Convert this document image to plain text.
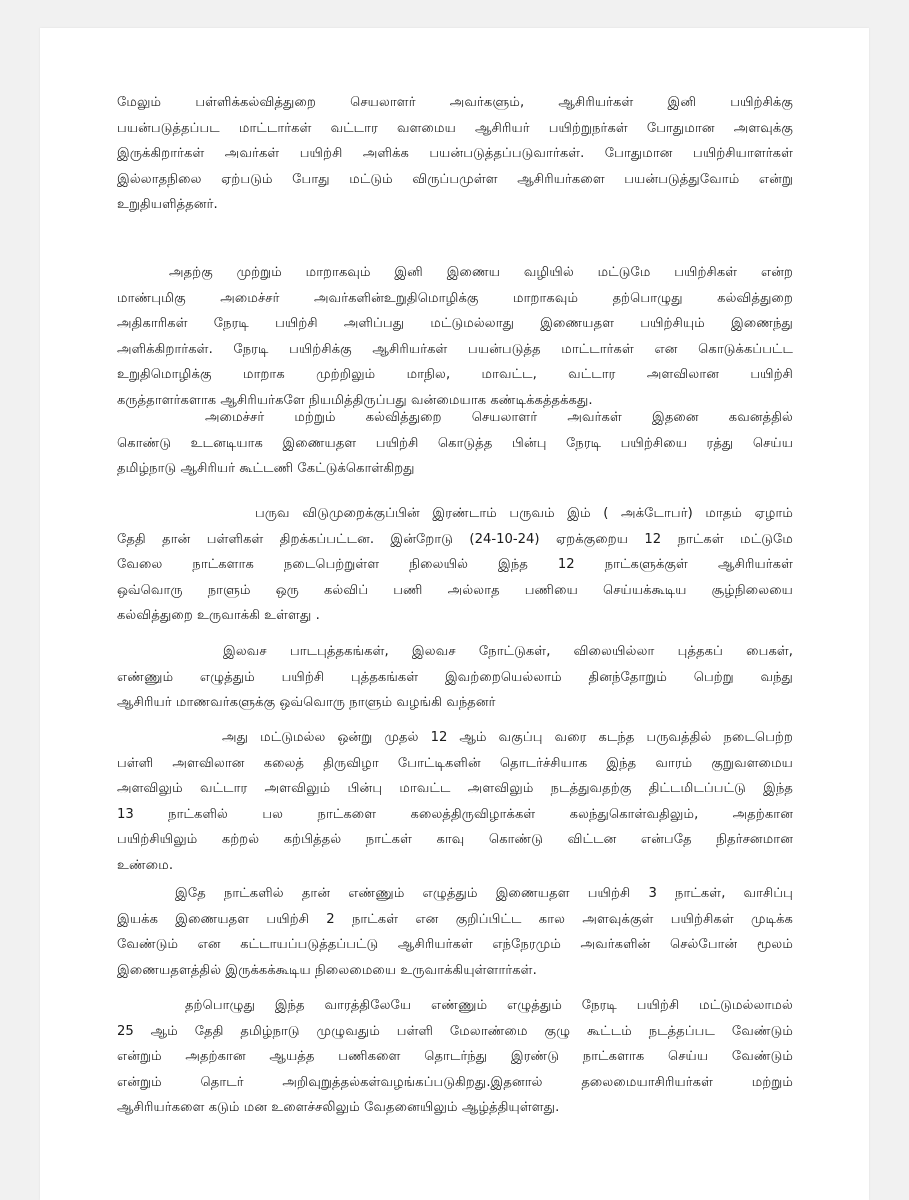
மேலும் பள்ளிக்கல்வித்துறை செயலாளர் அவர்களும், ஆசிரியர்கள் இனி பயிற்சிக்கு

பயன்படுத்தப்பட மாட்டார்கள் வட்டார வளமைய ஆசிரியர் பயிற்றுநர்கள் போதுமான அளவுக்கு

இருக்கிறார்கள் அவர்கள் பயிற்சி அளிக்க பயன்படுத்தப்படுவார்கள். போதுமான பயிற்சியாளர்கள்

இல்லாதநிலை ஏற்படும் போது மட்டும் விருப்பமுள்ள ஆசிரியர்களை பயன்படுத்துவோம் என்று

உறுதியளித்தனர்.

அதற்கு முற்றும் மாறாகவும் இனி இணைய வழியில் மட்டுமே பயிற்சிகள் என்ற

மாண்புமிகு அமைச்சர் அவர்களின்உறுதிமொழிக்கு மாறாகவும் தற்பொழுது கல்வித்துறை

அதிகாரிகள் நேரடி பயிற்சி அளிப்பது மட்டுமல்லாது இணையதள பயிற்சியும் இணைந்து

அளிக்கிறார்கள். நேரடி பயிற்சிக்கு ஆசிரியர்கள் பயன்படுத்த மாட்டார்கள் என கொடுக்கப்பட்ட

உறுதிமொழிக்கு மாறாக முற்றிலும் மாநில, மாவட்ட, வட்டார அளவிலான பயிற்சி

கருத்தாளர்களாக ஆசிரியர்களே நியமித்திருப்பது வன்மையாக கண்டிக்கத்தக்கது.

அமைச்சர் மற்றும் கல்வித்துறை செயலாளர் அவர்கள் இதனை கவனத்தில்

கொண்டு உடனடியாக இணையதள பயிற்சி கொடுத்த பின்பு நேரடி பயிற்சியை ரத்து செய்ய

தமிழ்நாடு ஆசிரியர் கூட்டணி கேட்டுக்கொள்கிறது

பருவ விடுமுறைக்குப்பின் இரண்டாம் பருவம் இம் ( அக்டோபர்) மாதம் ஏழாம்

தேதி தான் பள்ளிகள் திறக்கப்பட்டன. இன்றோடு (24-10-24) ஏறக்குறைய 12 நாட்கள் மட்டுமே

வேலை நாட்களாக நடைபெற்றுள்ள நிலையில் இந்த 12 நாட்களுக்குள் ஆசிரியர்கள்

ஒவ்வொரு நாளும் ஒரு கல்விப் பணி அல்லாத பணியை செய்யக்கூடிய சூழ்நிலையை

கல்வித்துறை உருவாக்கி உள்ளது .

இலவச பாடபுத்தகங்கள், இலவச நோட்டுகள், விலையில்லா புத்தகப் பைகள்,

எண்ணும் எழுத்தும் பயிற்சி புத்தகங்கள் இவற்றையெல்லாம் தினந்தோறும் பெற்று வந்து

ஆசிரியர் மாணவர்களுக்கு ஒவ்வொரு நாளும் வழங்கி வந்தனர்

அது மட்டுமல்ல ஒன்று முதல் 12 ஆம் வகுப்பு வரை கடந்த பருவத்தில் நடைபெற்ற

பள்ளி அளவிலான கலைத் திருவிழா போட்டிகளின் தொடர்ச்சியாக இந்த வாரம் குறுவளமைய

அளவிலும் வட்டார அளவிலும் பின்பு மாவட்ட அளவிலும் நடத்துவதற்கு திட்டமிடப்பட்டு இந்த

13 நாட்களில் பல நாட்களை கலைத்திருவிழாக்கள் கலந்துகொள்வதிலும், அதற்கான

பயிற்சியிலும் கற்றல் கற்பித்தல் நாட்கள் காவு கொண்டு விட்டன என்பதே நிதர்சனமான

உண்மை.

இதே நாட்களில் தான் எண்ணும் எழுத்தும் இணையதள பயிற்சி 3 நாட்கள், வாசிப்பு

இயக்க இணையதள பயிற்சி 2 நாட்கள் என குறிப்பிட்ட கால அளவுக்குள் பயிற்சிகள் முடிக்க

வேண்டும் என கட்டாயப்படுத்தப்பட்டு ஆசிரியர்கள் எந்நேரமும் அவர்களின் செல்போன் மூலம்

இணையதளத்தில் இருக்கக்கூடிய நிலைமையை உருவாக்கியுள்ளார்கள்.

தற்பொழுது இந்த வாரத்திலேயே எண்ணும் எழுத்தும் நேரடி பயிற்சி மட்டுமல்லாமல்

25 ஆம் தேதி தமிழ்நாடு முழுவதும் பள்ளி மேலாண்மை குழு கூட்டம் நடத்தப்பட வேண்டும்

என்றும் அதற்கான ஆயத்த பணிகளை தொடர்ந்து இரண்டு நாட்களாக செய்ய வேண்டும்

என்றும் தொடர் அறிவுறுத்தல்கள்வழங்கப்படுகிறது.இதனால் தலைமையாசிரியர்கள் மற்றும்

ஆசிரியர்களை கடும் மன உளைச்சலிலும் வேதனையிலும் ஆழ்த்தியுள்ளது.
